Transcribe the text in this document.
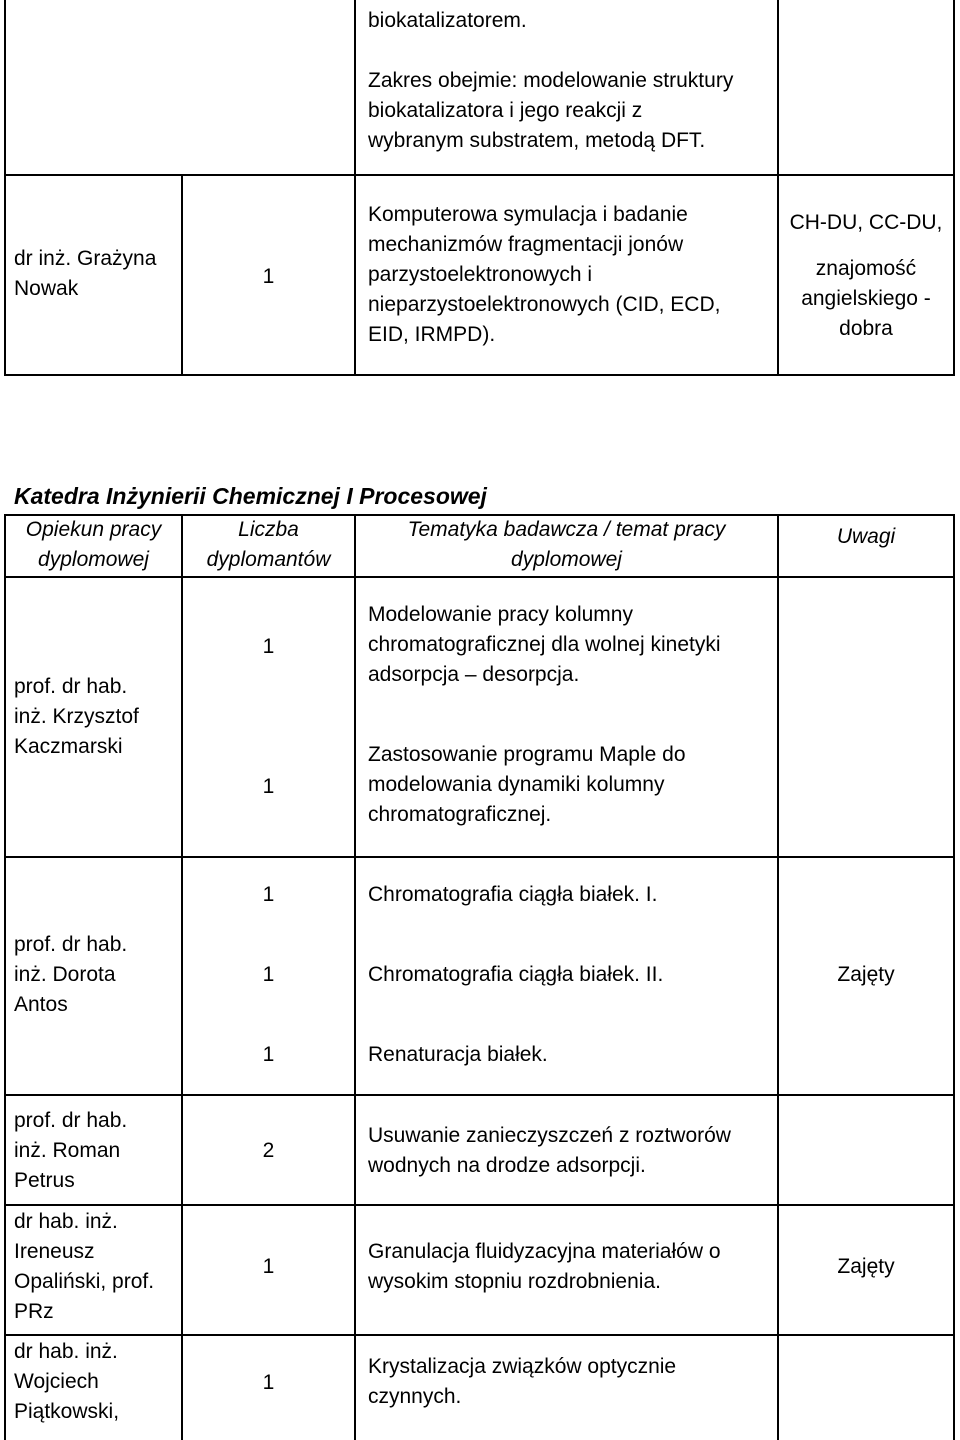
biokatalizatorem.

Zakres obejmie: modelowanie struktury
biokatalizatora i jego reakcji z
wybranym substratem, metodą DFT.
dr inż. Grażyna
Nowak
1
Komputerowa symulacja i badanie
mechanizmów fragmentacji jonów
parzystoelektronowych i
nieparzystoelektronowych (CID, ECD,
EID, IRMPD).
CH-DU, CC-DU,
znajomość
angielskiego -
dobra
Katedra Inżynierii Chemicznej I Procesowej
Opiekun pracy
dyplomowej
Liczba
dyplomantów
Tematyka badawcza / temat pracy
dyplomowej
Uwagi
prof. dr hab.
inż. Krzysztof
Kaczmarski
1
1
Modelowanie pracy kolumny
chromatograficznej dla wolnej kinetyki
adsorpcja – desorpcja.
Zastosowanie programu Maple do
modelowania dynamiki kolumny
chromatograficznej.
prof. dr hab.
inż. Dorota
Antos
1
1
1
Chromatografia ciągła białek. I.
Chromatografia ciągła białek. II.
Renaturacja białek.
Zajęty
prof. dr hab.
inż. Roman
Petrus
2
Usuwanie zanieczyszczeń z roztworów
wodnych na drodze adsorpcji.
dr hab. inż.
Ireneusz
Opaliński, prof.
PRz
1
Granulacja fluidyzacyjna materiałów o
wysokim stopniu rozdrobnienia.
Zajęty
dr hab. inż.
Wojciech
Piątkowski,
1
Krystalizacja związków optycznie
czynnych.
